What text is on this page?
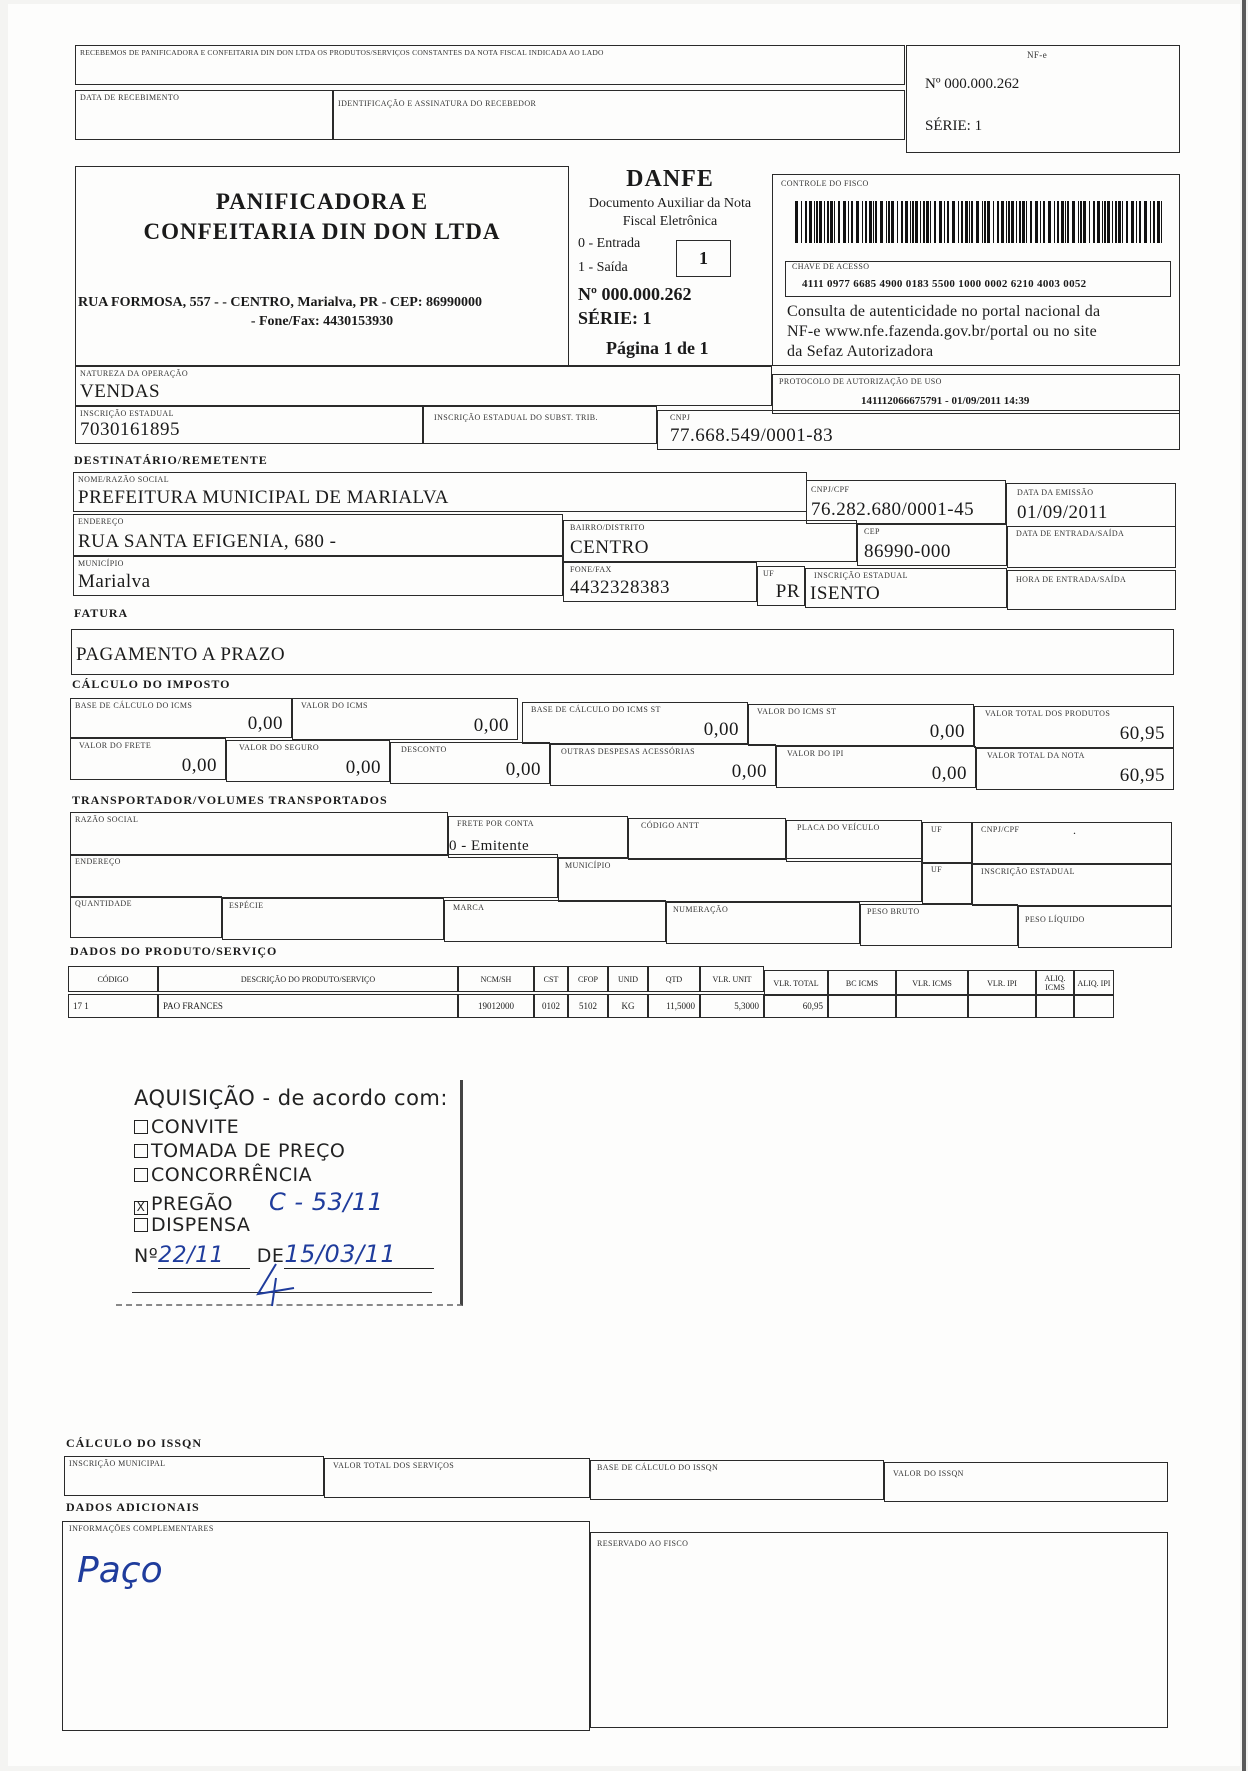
RECEBEMOS DE PANIFICADORA E CONFEITARIA DIN DON LTDA OS PRODUTOS/SERVIÇOS CONSTANTES DA NOTA FISCAL INDICADA AO LADO
DATA DE RECEBIMENTO
IDENTIFICAÇÃO E ASSINATURA DO RECEBEDOR
NF-e
Nº 000.000.262
SÉRIE: 1
PANIFICADORA E
CONFEITARIA DIN DON LTDA
RUA FORMOSA, 557 - - CENTRO, Marialva, PR - CEP: 86990000
- Fone/Fax: 4430153930
DANFE
Documento Auxiliar da Nota
Fiscal Eletrônica
0 - Entrada
1 - Saída	1
Nº 000.000.262
SÉRIE: 1
Página 1 de 1
CONTROLE DO FISCO
CHAVE DE ACESSO
4111 0977 6685 4900 0183 5500 1000 0002 6210 4003 0052
Consulta de autenticidade no portal nacional da
NF-e www.nfe.fazenda.gov.br/portal ou no site
da Sefaz Autorizadora
NATUREZA DA OPERAÇÃO
VENDAS	PROTOCOLO DE AUTORIZAÇÃO DE USO
141112066675791 - 01/09/2011 14:39
INSCRIÇÃO ESTADUAL
7030161895
INSCRIÇÃO ESTADUAL DO SUBST. TRIB.	CNPJ
77.668.549/0001-83
DESTINATÁRIO/REMETENTE
NOME/RAZÃO SOCIAL
PREFEITURA MUNICIPAL DE MARIALVA	CNPJ/CPF
76.282.680/0001-45
DATA DA EMISSÃO
01/09/2011
ENDEREÇO
RUA SANTA EFIGENIA, 680 -
BAIRRO/DISTRITO
CENTRO
CEP
86990-000
DATA DE ENTRADA/SAÍDA
MUNICÍPIO
Marialva
FONE/FAX
4432328383
UF
PR
INSCRIÇÃO ESTADUAL
ISENTO
HORA DE ENTRADA/SAÍDA
FATURA
PAGAMENTO A PRAZO
CÁLCULO DO IMPOSTO
BASE DE CÁLCULO DO ICMS
0,00
VALOR DO ICMS
0,00
BASE DE CÁLCULO DO ICMS ST
0,00
VALOR DO ICMS ST
0,00
VALOR TOTAL DOS PRODUTOS
60,95
VALOR DO FRETE
0,00
VALOR DO SEGURO
0,00
DESCONTO
0,00
OUTRAS DESPESAS ACESSÓRIAS
0,00
VALOR DO IPI
0,00
VALOR TOTAL DA NOTA
60,95
TRANSPORTADOR/VOLUMES TRANSPORTADOS
RAZÃO SOCIAL	FRETE POR CONTA
0 - Emitente
CÓDIGO ANTT	PLACA DO VEÍCULO	UF	CNPJ/CPF	.
ENDEREÇO	MUNICÍPIO	UF	INSCRIÇÃO ESTADUAL
QUANTIDADE	ESPÉCIE	MARCA	NUMERAÇÃO	PESO BRUTO
PESO LÍQUIDO
DADOS DO PRODUTO/SERVIÇO
CÓDIGO	DESCRIÇÃO DO PRODUTO/SERVIÇO	NCM/SH	CST	CFOP	UNID	QTD	VLR. UNIT	VLR. TOTAL	BC ICMS	VLR. ICMS	VLR. IPI	ALIQ. ICMS	ALIQ. IPI
17 1	PAO FRANCES	19012000	0102	5102	KG	11,5000	5,3000	60,95
AQUISIÇÃO - de acordo com:
CONVITE
TOMADA DE PREÇO
CONCORRÊNCIA
X PREGÃO C - 53/11
DISPENSA
Nº22/11 DE15/03/11
CÁLCULO DO ISSQN
INSCRIÇÃO MUNICIPAL	VALOR TOTAL DOS SERVIÇOS	BASE DE CÁLCULO DO ISSQN
VALOR DO ISSQN
DADOS ADICIONAIS
INFORMAÇÕES COMPLEMENTARES
Paço
RESERVADO AO FISCO
